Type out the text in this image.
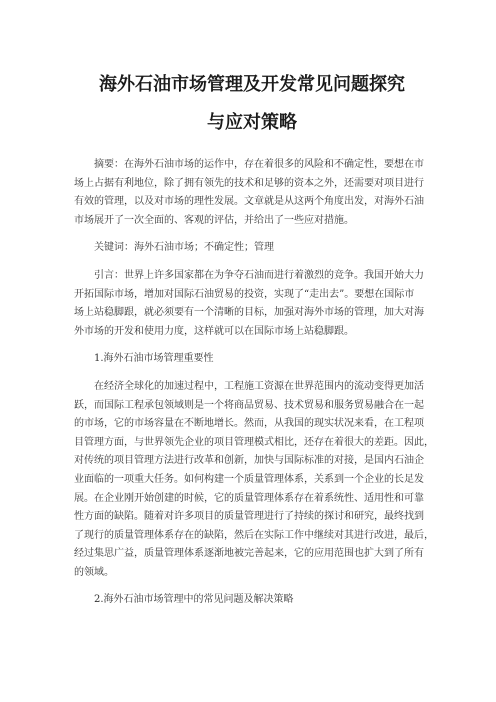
海外石油市场管理及开发常见问题探究
与应对策略

摘要：在海外石油市场的运作中，存在着很多的风险和不确定性，要想在市
场上占据有利地位，除了拥有领先的技术和足够的资本之外，还需要对项目进行
有效的管理，以及对市场的理性发展。文章就是从这两个角度出发，对海外石油
市场展开了一次全面的、客观的评估，并给出了一些应对措施。

关键词：海外石油市场；不确定性；管理

引言：世界上许多国家都在为争夺石油而进行着激烈的竞争。我国开始大力
开拓国际市场，增加对国际石油贸易的投资，实现了“走出去”。要想在国际市
场上站稳脚跟，就必须要有一个清晰的目标，加强对海外市场的管理，加大对海
外市场的开发和使用力度，这样就可以在国际市场上站稳脚跟。

1.海外石油市场管理重要性

在经济全球化的加速过程中，工程施工资源在世界范围内的流动变得更加活
跃，而国际工程承包领域则是一个将商品贸易、技术贸易和服务贸易融合在一起
的市场，它的市场容量在不断地增长。然而，从我国的现实状况来看，在工程项
目管理方面，与世界领先企业的项目管理模式相比，还存在着很大的差距。因此，
对传统的项目管理方法进行改革和创新，加快与国际标准的对接，是国内石油企
业面临的一项重大任务。如何构建一个质量管理体系，关系到一个企业的长足发
展。在企业刚开始创建的时候，它的质量管理体系存在着系统性、适用性和可靠
性方面的缺陷。随着对许多项目的质量管理进行了持续的探讨和研究，最终找到
了现行的质量管理体系存在的缺陷，然后在实际工作中继续对其进行改进，最后，
经过集思广益，质量管理体系逐渐地被完善起来，它的应用范围也扩大到了所有
的领域。

2.海外石油市场管理中的常见问题及解决策略
